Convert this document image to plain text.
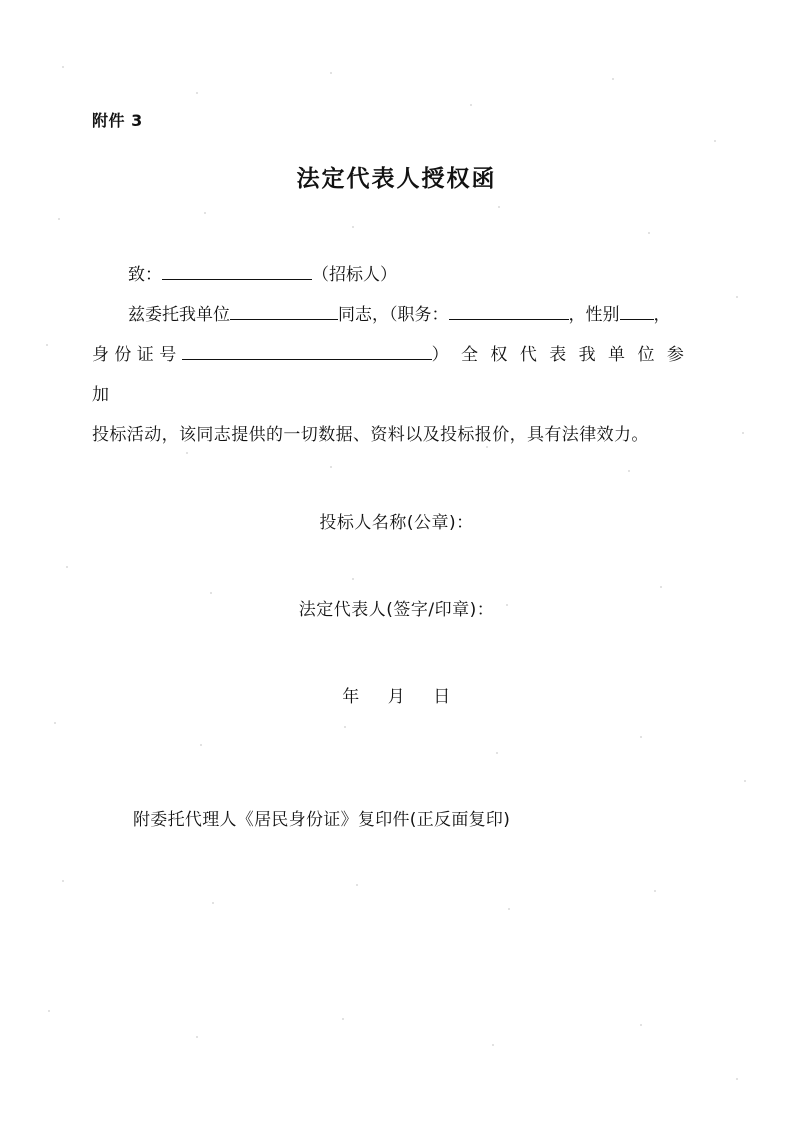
附件 3
法定代表人授权函
致：	（招标人）
兹委托我单位	同志，（职务：	，性别 ，
身 份 证 号	） 全 权 代 表 我 单 位 参 加
投标活动，该同志提供的一切数据、资料以及投标报价，具有法律效力。

投标人名称(公章)：

法定代表人(签字/印章)：

年 月 日

附委托代理人《居民身份证》复印件(正反面复印)
